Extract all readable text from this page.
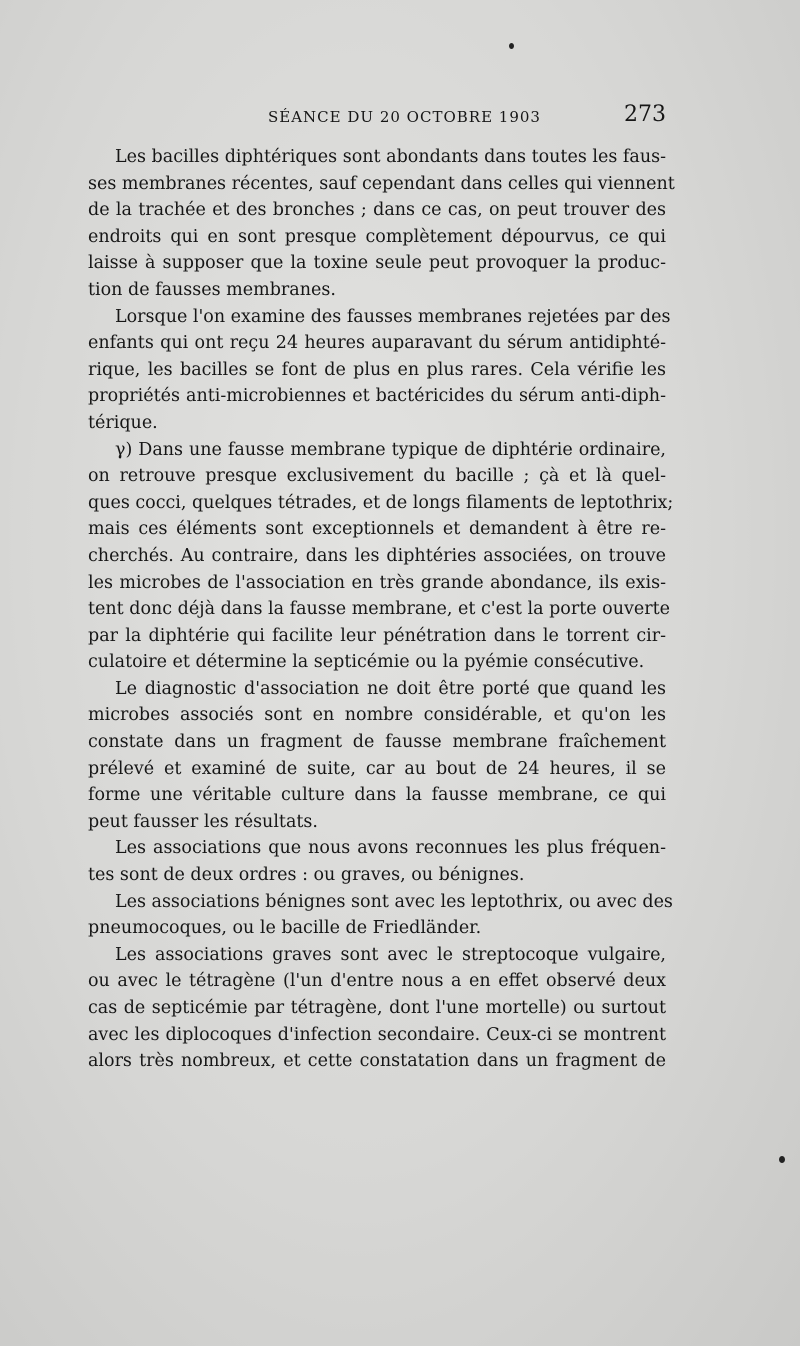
SÉANCE DU 20 OCTOBRE 1903	273
Les bacilles diphtériques sont abondants dans toutes les faus-
ses membranes récentes, sauf cependant dans celles qui viennent
de la trachée et des bronches ; dans ce cas, on peut trouver des
endroits qui en sont presque complètement dépourvus, ce qui
laisse à supposer que la toxine seule peut provoquer la produc-
tion de fausses membranes.
Lorsque l'on examine des fausses membranes rejetées par des
enfants qui ont reçu 24 heures auparavant du sérum antidiphté-
rique, les bacilles se font de plus en plus rares. Cela vérifie les
propriétés anti-microbiennes et bactéricides du sérum anti-diph-
térique.
γ) Dans une fausse membrane typique de diphtérie ordinaire,
on retrouve presque exclusivement du bacille ; çà et là quel-
ques cocci, quelques tétrades, et de longs filaments de leptothrix;
mais ces éléments sont exceptionnels et demandent à être re-
cherchés. Au contraire, dans les diphtéries associées, on trouve
les microbes de l'association en très grande abondance, ils exis-
tent donc déjà dans la fausse membrane, et c'est la porte ouverte
par la diphtérie qui facilite leur pénétration dans le torrent cir-
culatoire et détermine la septicémie ou la pyémie consécutive.
Le diagnostic d'association ne doit être porté que quand les
microbes associés sont en nombre considérable, et qu'on les
constate dans un fragment de fausse membrane fraîchement
prélevé et examiné de suite, car au bout de 24 heures, il se
forme une véritable culture dans la fausse membrane, ce qui
peut fausser les résultats.
Les associations que nous avons reconnues les plus fréquen-
tes sont de deux ordres : ou graves, ou bénignes.
Les associations bénignes sont avec les leptothrix, ou avec des
pneumocoques, ou le bacille de Friedländer.
Les associations graves sont avec le streptocoque vulgaire,
ou avec le tétragène (l'un d'entre nous a en effet observé deux
cas de septicémie par tétragène, dont l'une mortelle) ou surtout
avec les diplocoques d'infection secondaire. Ceux-ci se montrent
alors très nombreux, et cette constatation dans un fragment de
